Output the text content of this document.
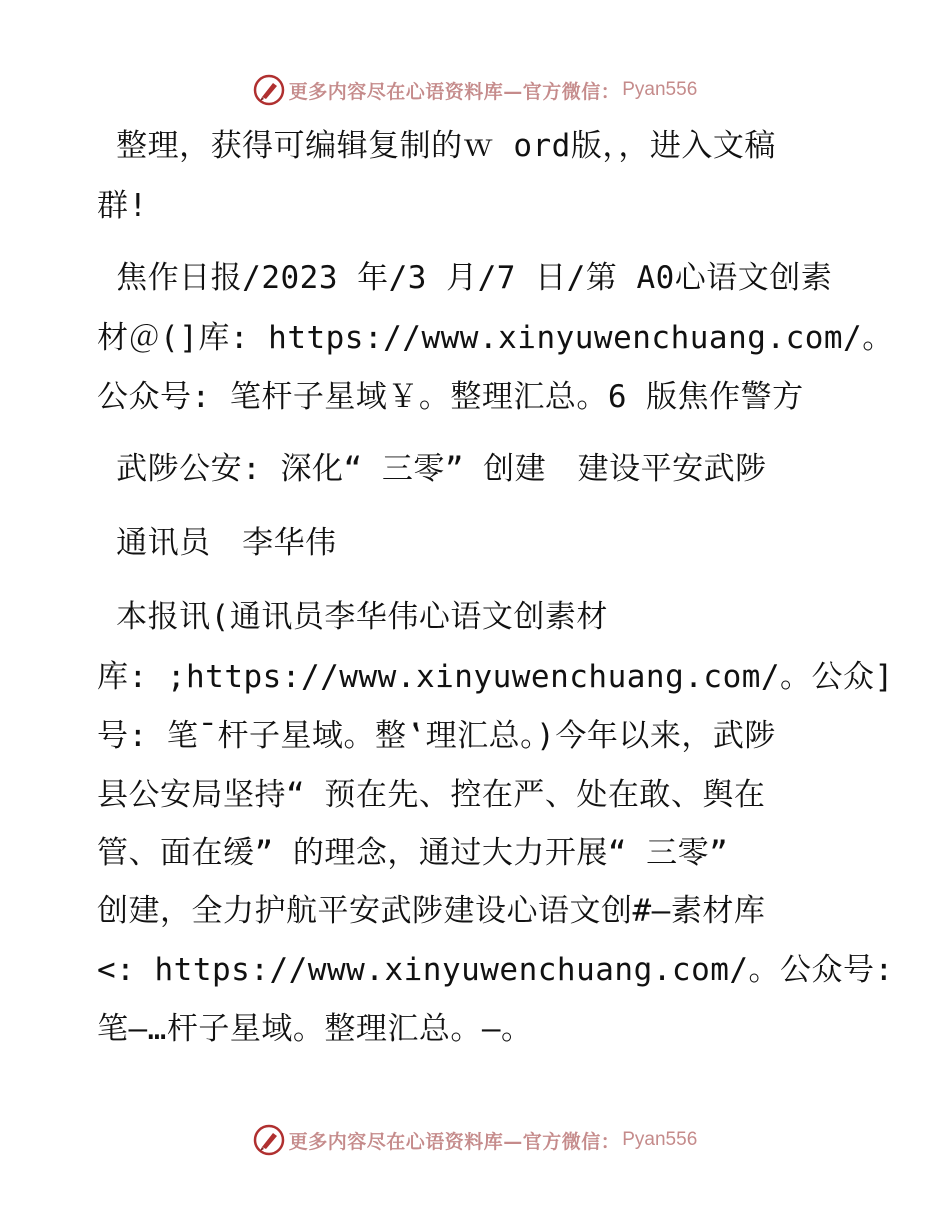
更多内容尽在心语资料库—官方微信： Pyan556
整理，获得可编辑复制的ｗ ord版，，进入文稿
群!
焦作日报/2023 年/3 月/7 日/第 A0心语文创素
材＠(]库: https://www.xinyuwenchuang.com/。
公众号: 笔杆子星域￥。整理汇总。6 版焦作警方
武陟公安: 深化“ 三零” 创建　建设平安武陟
通讯员　李华伟
本报讯(通讯员李华伟心语文创素材
库: ;https://www.xinyuwenchuang.com/。公众]
号: 笔¯杆子星域。整‛理汇总。)今年以来，武陟
县公安局坚持“ 预在先、控在严、处在敢、舆在
管、面在缓” 的理念，通过大力开展“ 三零”
创建，全力护航平安武陟建设心语文创#—素材库
<: https://www.xinyuwenchuang.com/。公众号:
笔—…杆子星域。整理汇总。—。
更多内容尽在心语资料库—官方微信： Pyan556
